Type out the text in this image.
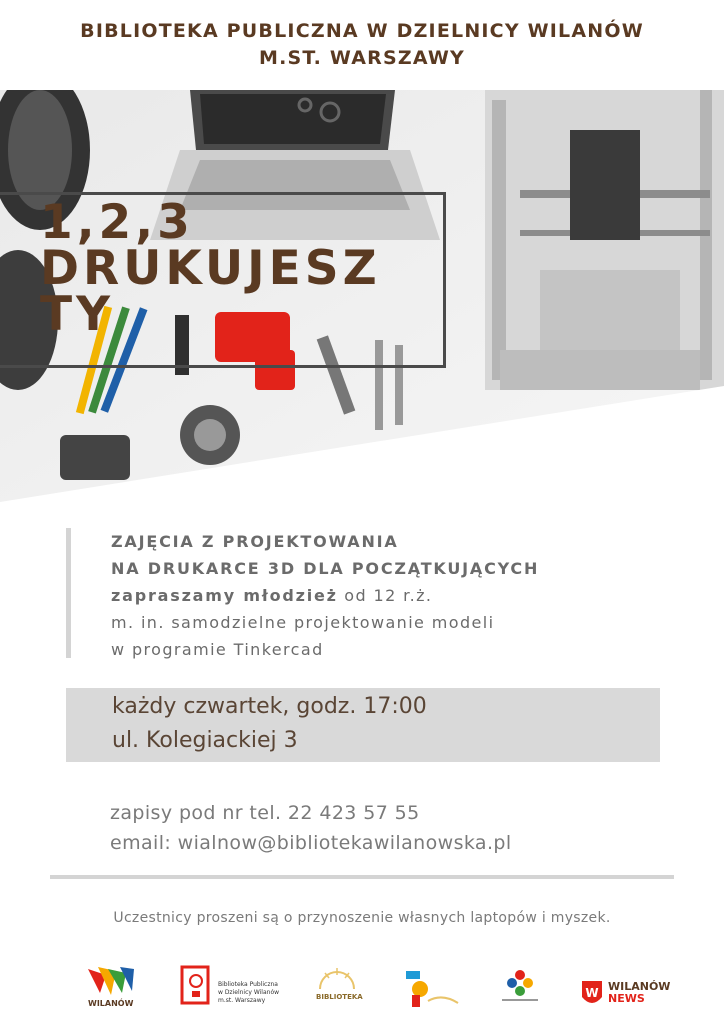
BIBLIOTEKA PUBLICZNA W DZIELNICY WILANÓW
M.ST. WARSZAWY
1,2,3
DRUKUJESZ
TY
ZAJĘCIA Z PROJEKTOWANIA
NA DRUKARCE 3D DLA POCZĄTKUJĄCYCH
zapraszamy młodzież od 12 r.ż.
m. in. samodzielne projektowanie modeli
w programie Tinkercad
każdy czwartek, godz. 17:00
ul. Kolegiackiej 3
zapisy pod nr tel. 22 423 57 55
email: wialnow@bibliotekawilanowska.pl
Uczestnicy proszeni są o przynoszenie własnych laptopów i myszek.
WILANÓW
Biblioteka Publiczna
w Dzielnicy Wilanów
m.st. Warszawy	BIBLIOTEKA	W WILANÓW
NEWS
